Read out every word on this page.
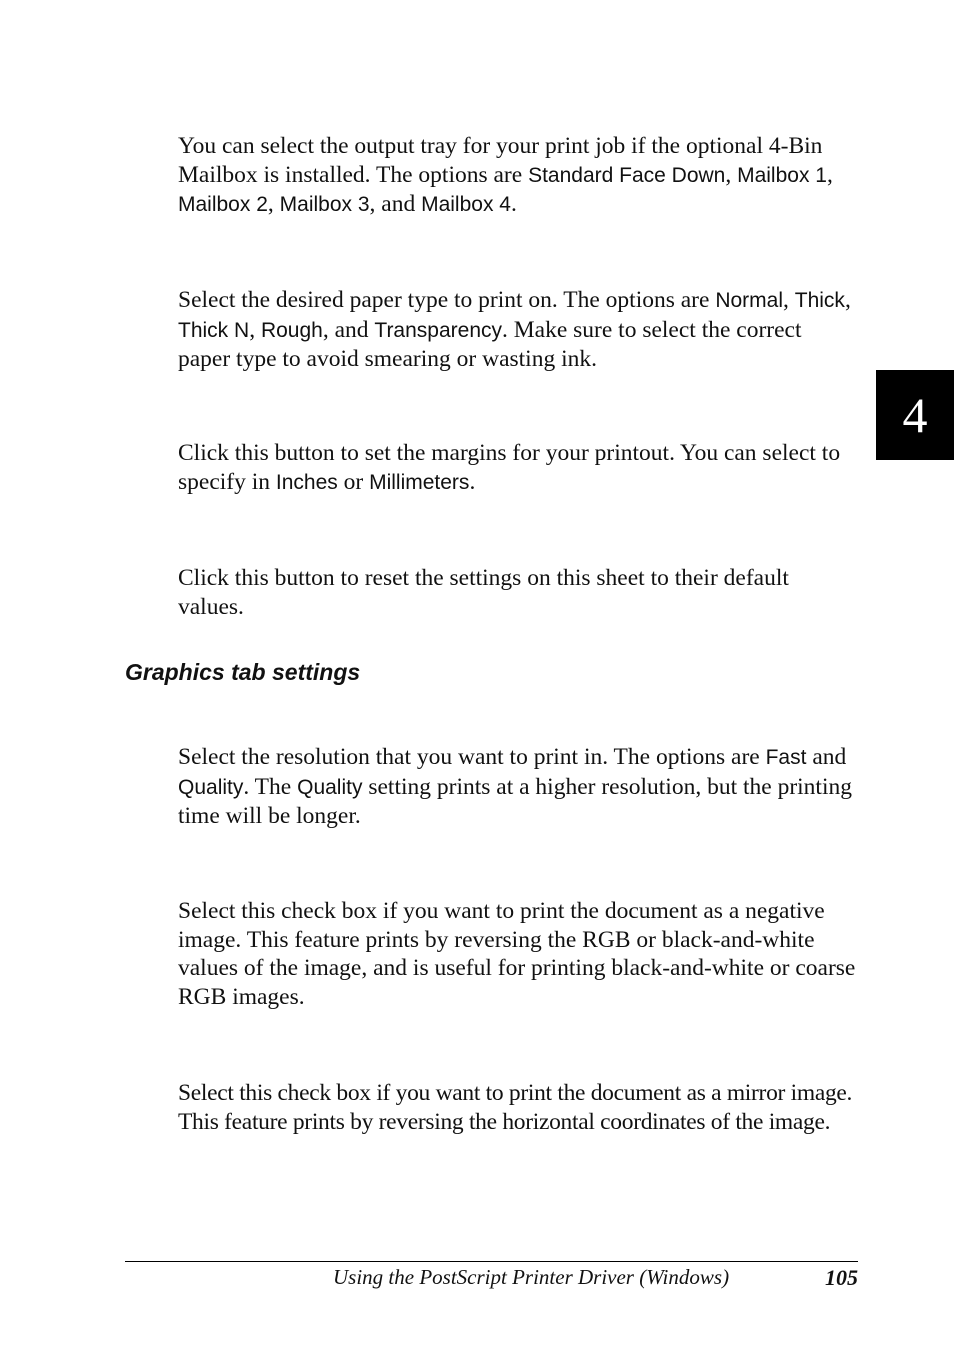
You can select the output tray for your print job if the optional 4-Bin Mailbox is installed. The options are Standard Face Down, Mailbox 1, Mailbox 2, Mailbox 3, and Mailbox 4.

Select the desired paper type to print on. The options are Normal, Thick, Thick N, Rough, and Transparency. Make sure to select the correct paper type to avoid smearing or wasting ink.

4

Click this button to set the margins for your printout. You can select to specify in Inches or Millimeters.

Click this button to reset the settings on this sheet to their default values.

Graphics tab settings

Select the resolution that you want to print in. The options are Fast and Quality. The Quality setting prints at a higher resolution, but the printing time will be longer.

Select this check box if you want to print the document as a negative image. This feature prints by reversing the RGB or black-and-white values of the image, and is useful for printing black-and-white or coarse RGB images.

Select this check box if you want to print the document as a mirror image. This feature prints by reversing the horizontal coordinates of the image.

Using the PostScript Printer Driver (Windows)	105
